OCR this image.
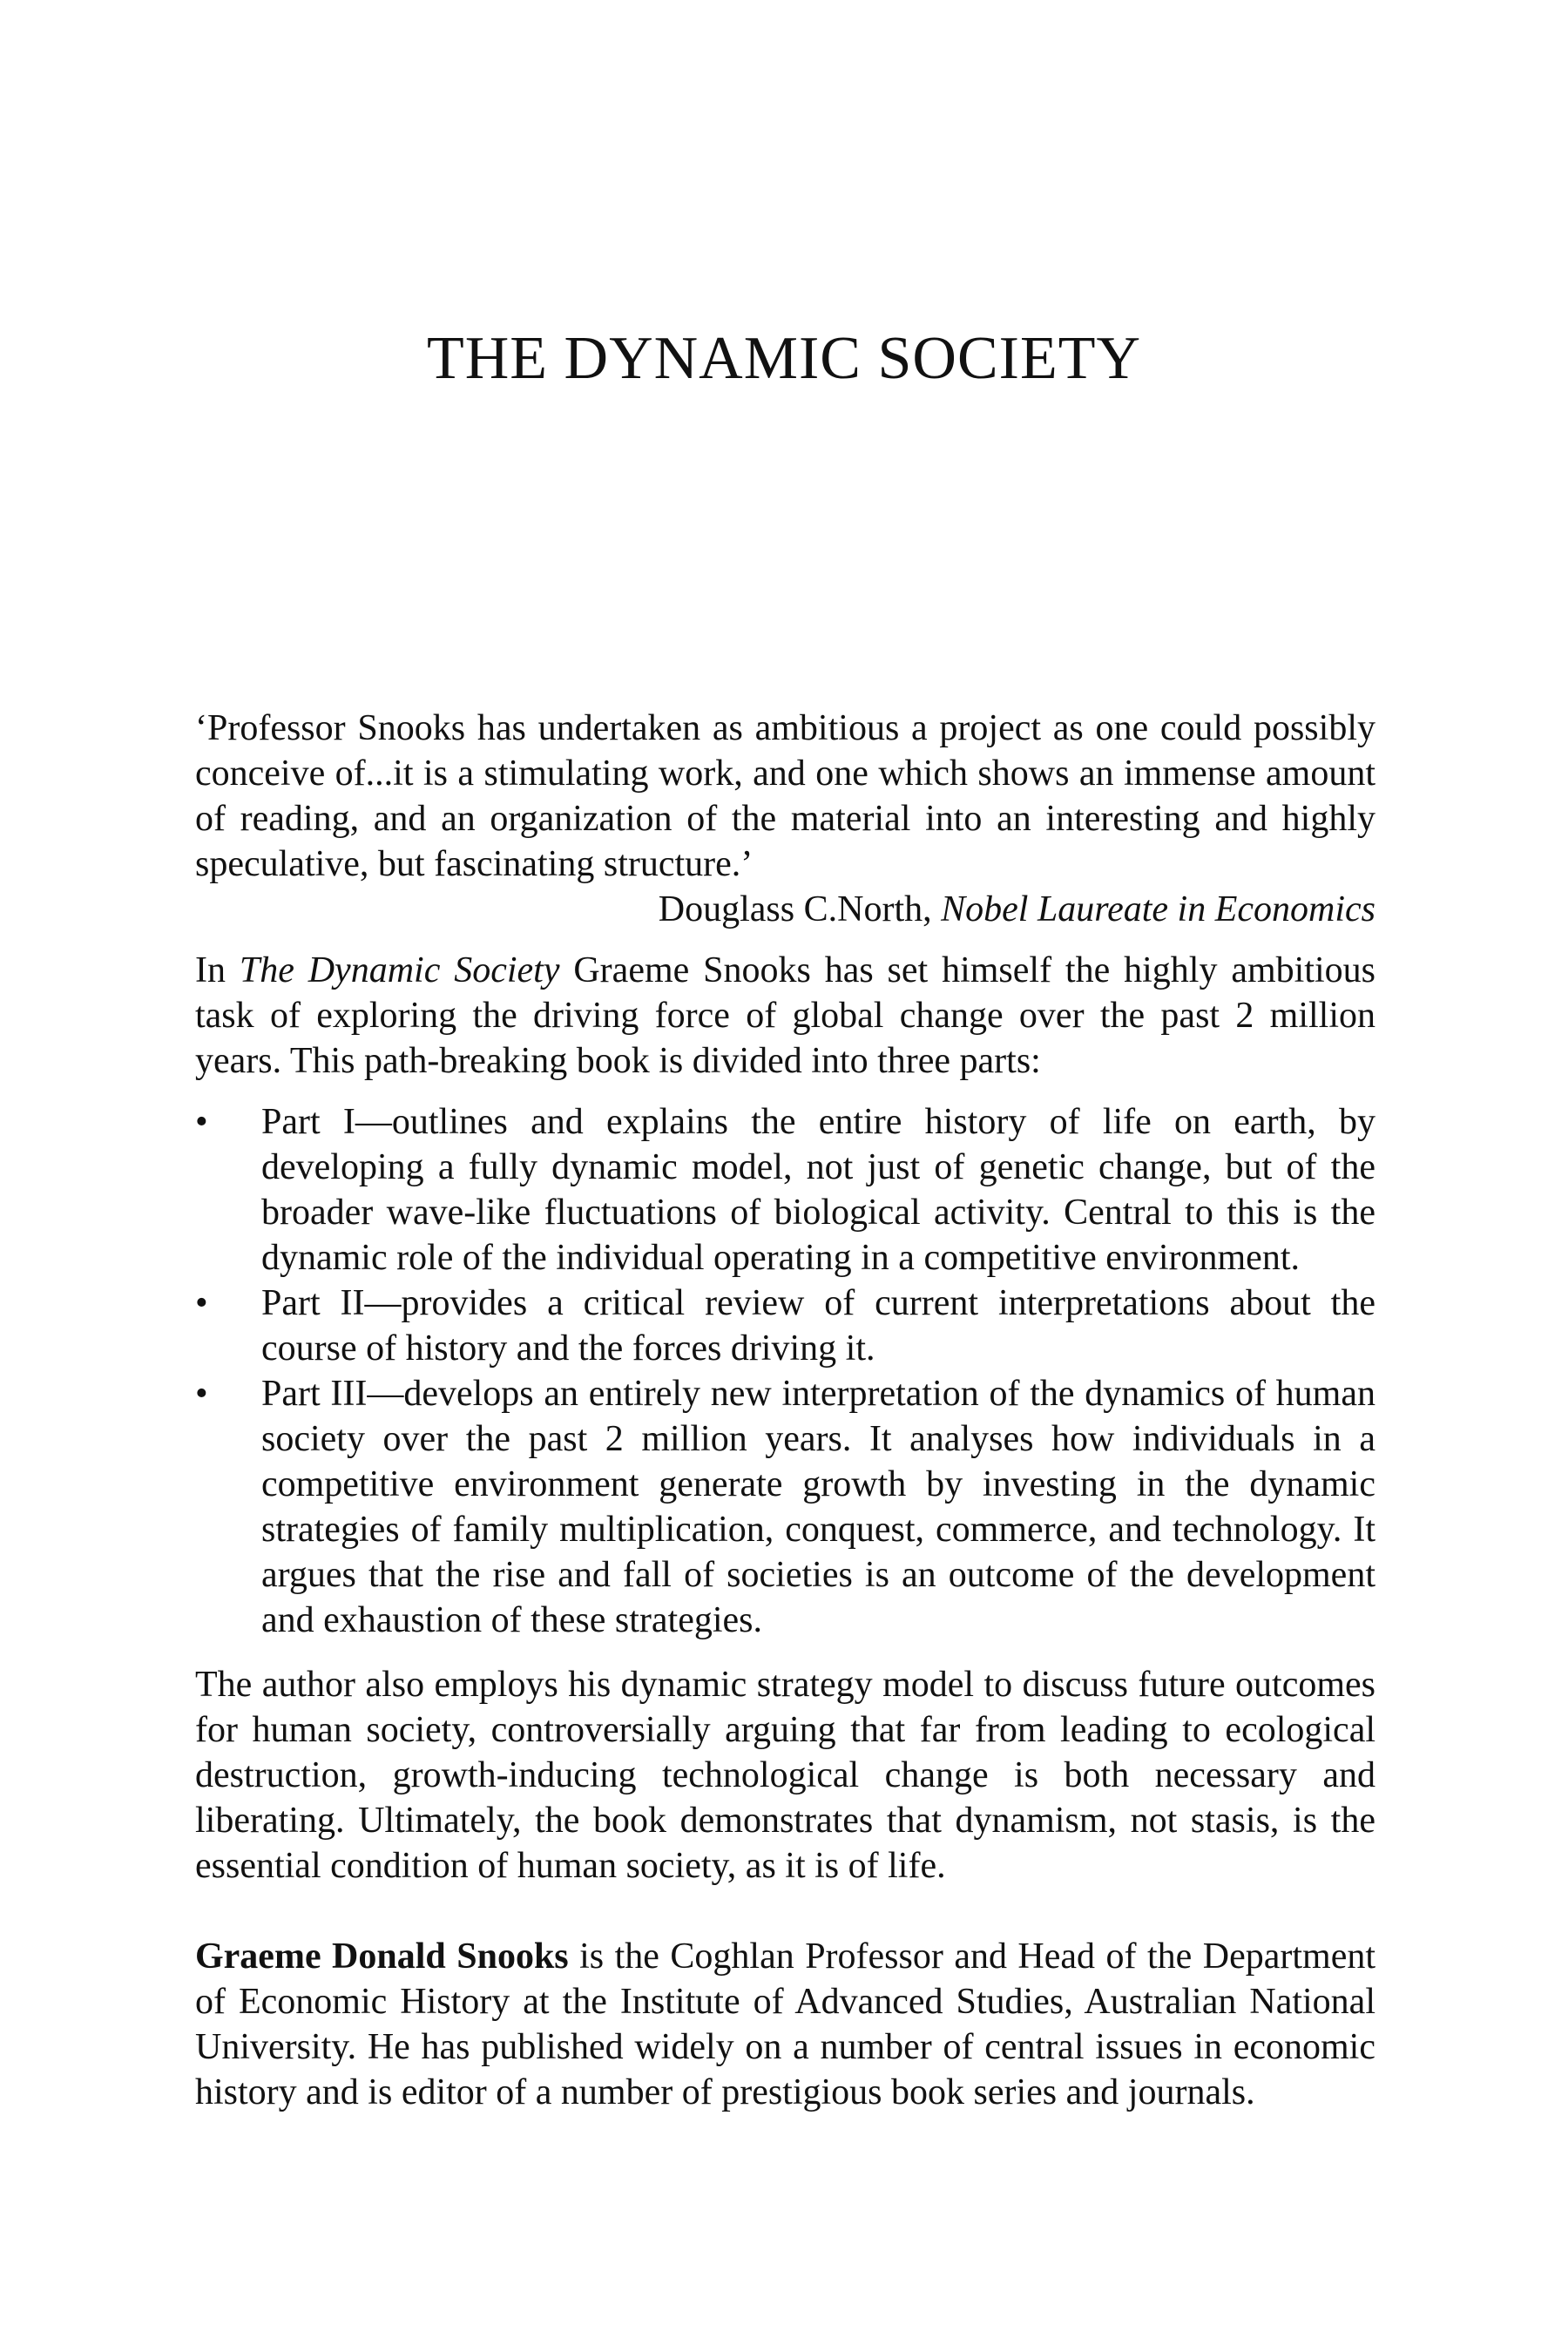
THE DYNAMIC SOCIETY

‘Professor Snooks has undertaken as ambitious a project as one could possibly conceive of...it is a stimulating work, and one which shows an immense amount of reading, and an organization of the material into an interesting and highly speculative, but fascinating structure.’

Douglass C.North, Nobel Laureate in Economics

In The Dynamic Society Graeme Snooks has set himself the highly ambitious task of exploring the driving force of global change over the past 2 million years. This path-breaking book is divided into three parts:

• Part I—outlines and explains the entire history of life on earth, by developing a fully dynamic model, not just of genetic change, but of the broader wave-like fluctuations of biological activity. Central to this is the dynamic role of the individual operating in a competitive environment.
• Part II—provides a critical review of current interpretations about the course of history and the forces driving it.
• Part III—develops an entirely new interpretation of the dynamics of human society over the past 2 million years. It analyses how individuals in a competitive environment generate growth by investing in the dynamic strategies of family multiplication, conquest, commerce, and technology. It argues that the rise and fall of societies is an outcome of the development and exhaustion of these strategies.

The author also employs his dynamic strategy model to discuss future outcomes for human society, controversially arguing that far from leading to ecological destruction, growth-inducing technological change is both necessary and liberating. Ultimately, the book demonstrates that dynamism, not stasis, is the essential condition of human society, as it is of life.

Graeme Donald Snooks is the Coghlan Professor and Head of the Department of Economic History at the Institute of Advanced Studies, Australian National University. He has published widely on a number of central issues in economic history and is editor of a number of prestigious book series and journals.
